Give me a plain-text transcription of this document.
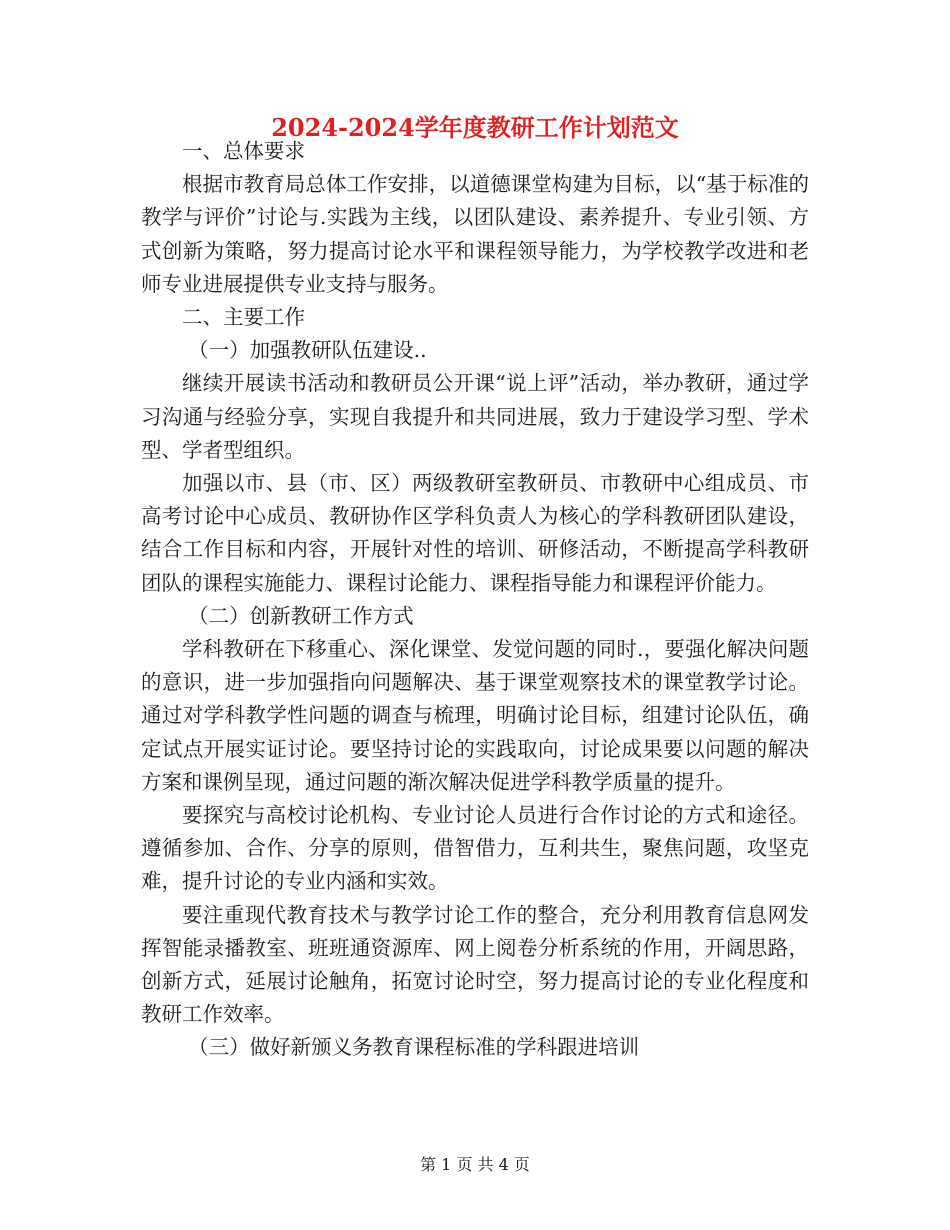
2024-2024学年度教研工作计划范文

一、总体要求

根据市教育局总体工作安排，以道德课堂构建为目标，以“基于标准的教学与评价”讨论与.实践为主线，以团队建设、素养提升、专业引领、方式创新为策略，努力提高讨论水平和课程领导能力，为学校教学改进和老师专业进展提供专业支持与服务。

二、主要工作

（一）加强教研队伍建设..

继续开展读书活动和教研员公开课“说上评”活动，举办教研，通过学习沟通与经验分享，实现自我提升和共同进展，致力于建设学习型、学术型、学者型组织。

加强以市、县（市、区）两级教研室教研员、市教研中心组成员、市高考讨论中心成员、教研协作区学科负责人为核心的学科教研团队建设，结合工作目标和内容，开展针对性的培训、研修活动，不断提高学科教研团队的课程实施能力、课程讨论能力、课程指导能力和课程评价能力。

（二）创新教研工作方式

学科教研在下移重心、深化课堂、发觉问题的同时.，要强化解决问题的意识，进一步加强指向问题解决、基于课堂观察技术的课堂教学讨论。通过对学科教学性问题的调查与梳理，明确讨论目标，组建讨论队伍，确定试点开展实证讨论。要坚持讨论的实践取向，讨论成果要以问题的解决方案和课例呈现，通过问题的渐次解决促进学科教学质量的提升。

要探究与高校讨论机构、专业讨论人员进行合作讨论的方式和途径。遵循参加、合作、分享的原则，借智借力，互利共生，聚焦问题，攻坚克难，提升讨论的专业内涵和实效。

要注重现代教育技术与教学讨论工作的整合，充分利用教育信息网发挥智能录播教室、班班通资源库、网上阅卷分析系统的作用，开阔思路，创新方式，延展讨论触角，拓宽讨论时空，努力提高讨论的专业化程度和教研工作效率。

（三）做好新颁义务教育课程标准的学科跟进培训

第 1 页 共 4 页
